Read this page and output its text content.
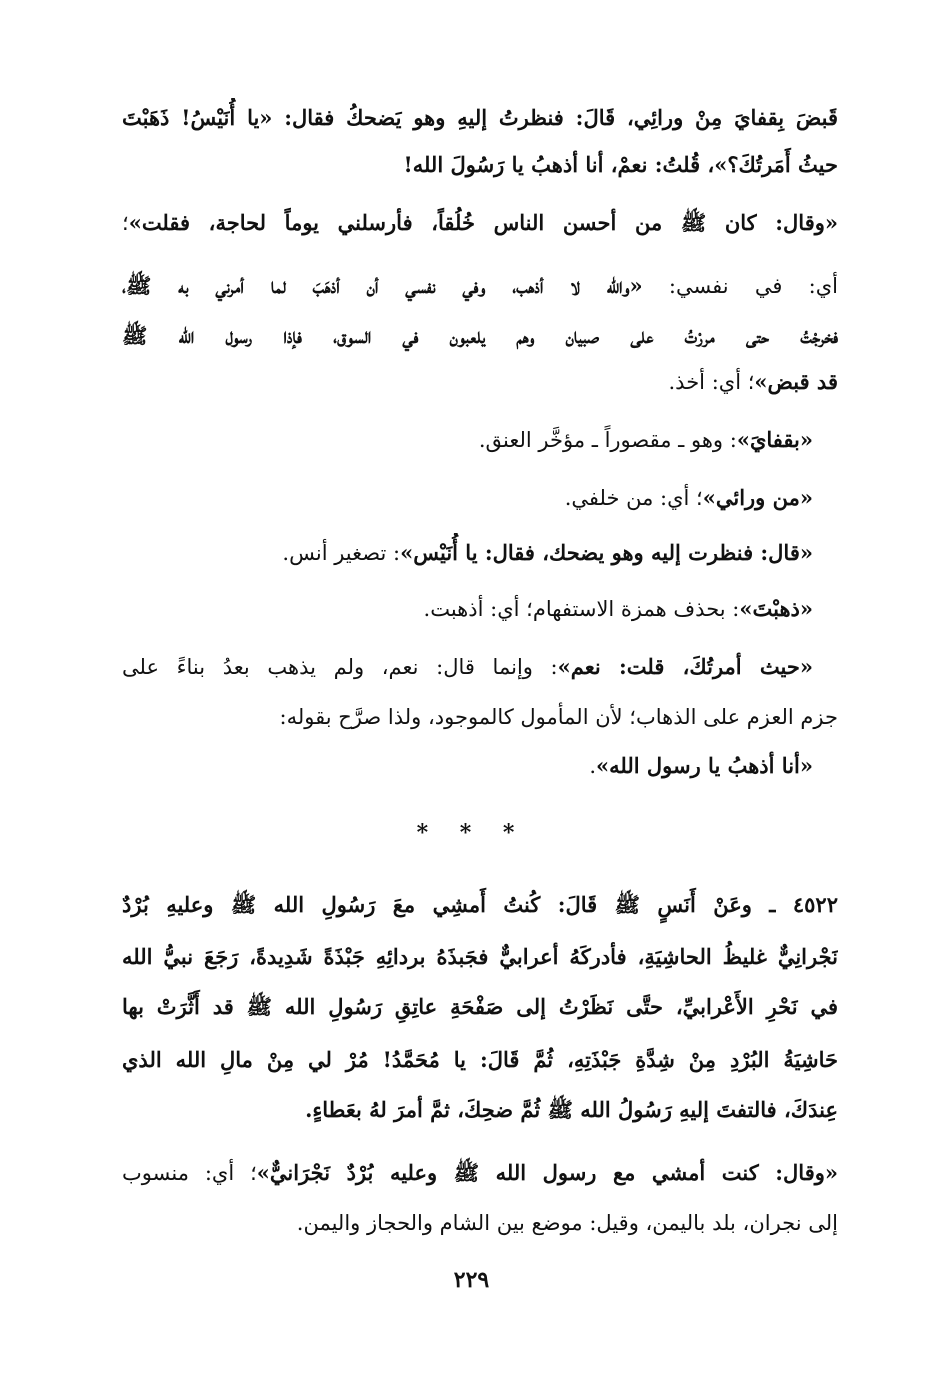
قَبضَ بِقفايَ مِنْ ورائِي، قَالَ: فنظرتُ إليهِ وهو يَضحكُ فقال: «يا أُنَيْسُ! ذَهَبْتَ
حيثُ أَمَرتُكَ؟»، قُلتُ: نعمْ، أنا أذهبُ يا رَسُولَ الله!
«وقال: كان ﷺ من أحسن الناس خُلُقاً، فأرسلني يوماً لحاجة، فقلت»؛
أي: في نفسي: «والله لا أذهب، وفي نفسي أن أذهَبَ لما أمرني به ﷺ،
فخرجْتُ حتى مررْتُ على صبيان وهم يلعبون في السوق، فإذا رسول الله ﷺ
قد قبض»؛ أي: أخذ.
«بقفايَ»: وهو ـ مقصوراً ـ مؤخَّر العنق.
«من ورائي»؛ أي: من خلفي.
«قال: فنظرت إليه وهو يضحك، فقال: يا أُنَيْس»: تصغير أنس.
«ذهبْتَ»: بحذف همزة الاستفهام؛ أي: أذهبت.
«حيث أمرتُكَ، قلت: نعم»: وإنما قال: نعم، ولم يذهب بعدُ بناءً على
جزم العزم على الذهاب؛ لأن المأمول كالموجود، ولذا صرَّح بقوله:
«أنا أذهبُ يا رسول الله».
* * *
٤٥٢٢ ـ وعَنْ أَنَسٍ ﷺ قَالَ: كُنتُ أَمشِي معَ رَسُولِ الله ﷺ وعليهِ بُرْدٌ
نَجْرانِيٌّ غليظُ الحاشِيَةِ، فأدركَهُ أعرابيٌّ فجَبذَهُ بردائِهِ جَبْذَةً شَدِيدةً، رَجَعَ نبيُّ الله
في نَحْرِ الأَعْرابيِّ، حتَّى نَظَرْتُ إلى صَفْحَةِ عاتِقِ رَسُولِ الله ﷺ قد أَثَّرَتْ بها
حَاشِيَةُ البُرْدِ مِنْ شِدَّةِ جَبْذَتِهِ، ثُمَّ قَالَ: يا مُحَمَّدُ! مُرْ لي مِنْ مالِ الله الذي
عِندَكَ، فالتفتَ إليهِ رَسُولُ الله ﷺ ثُمَّ ضحِكَ، ثمَّ أمرَ لهُ بعَطاءٍ.
«وقال: كنت أمشي مع رسول الله ﷺ وعليه بُرْدٌ نَجْرَانيٌّ»؛ أي: منسوب
إلى نجران، بلد باليمن، وقيل: موضع بين الشام والحجاز واليمن.
٢٢٩
